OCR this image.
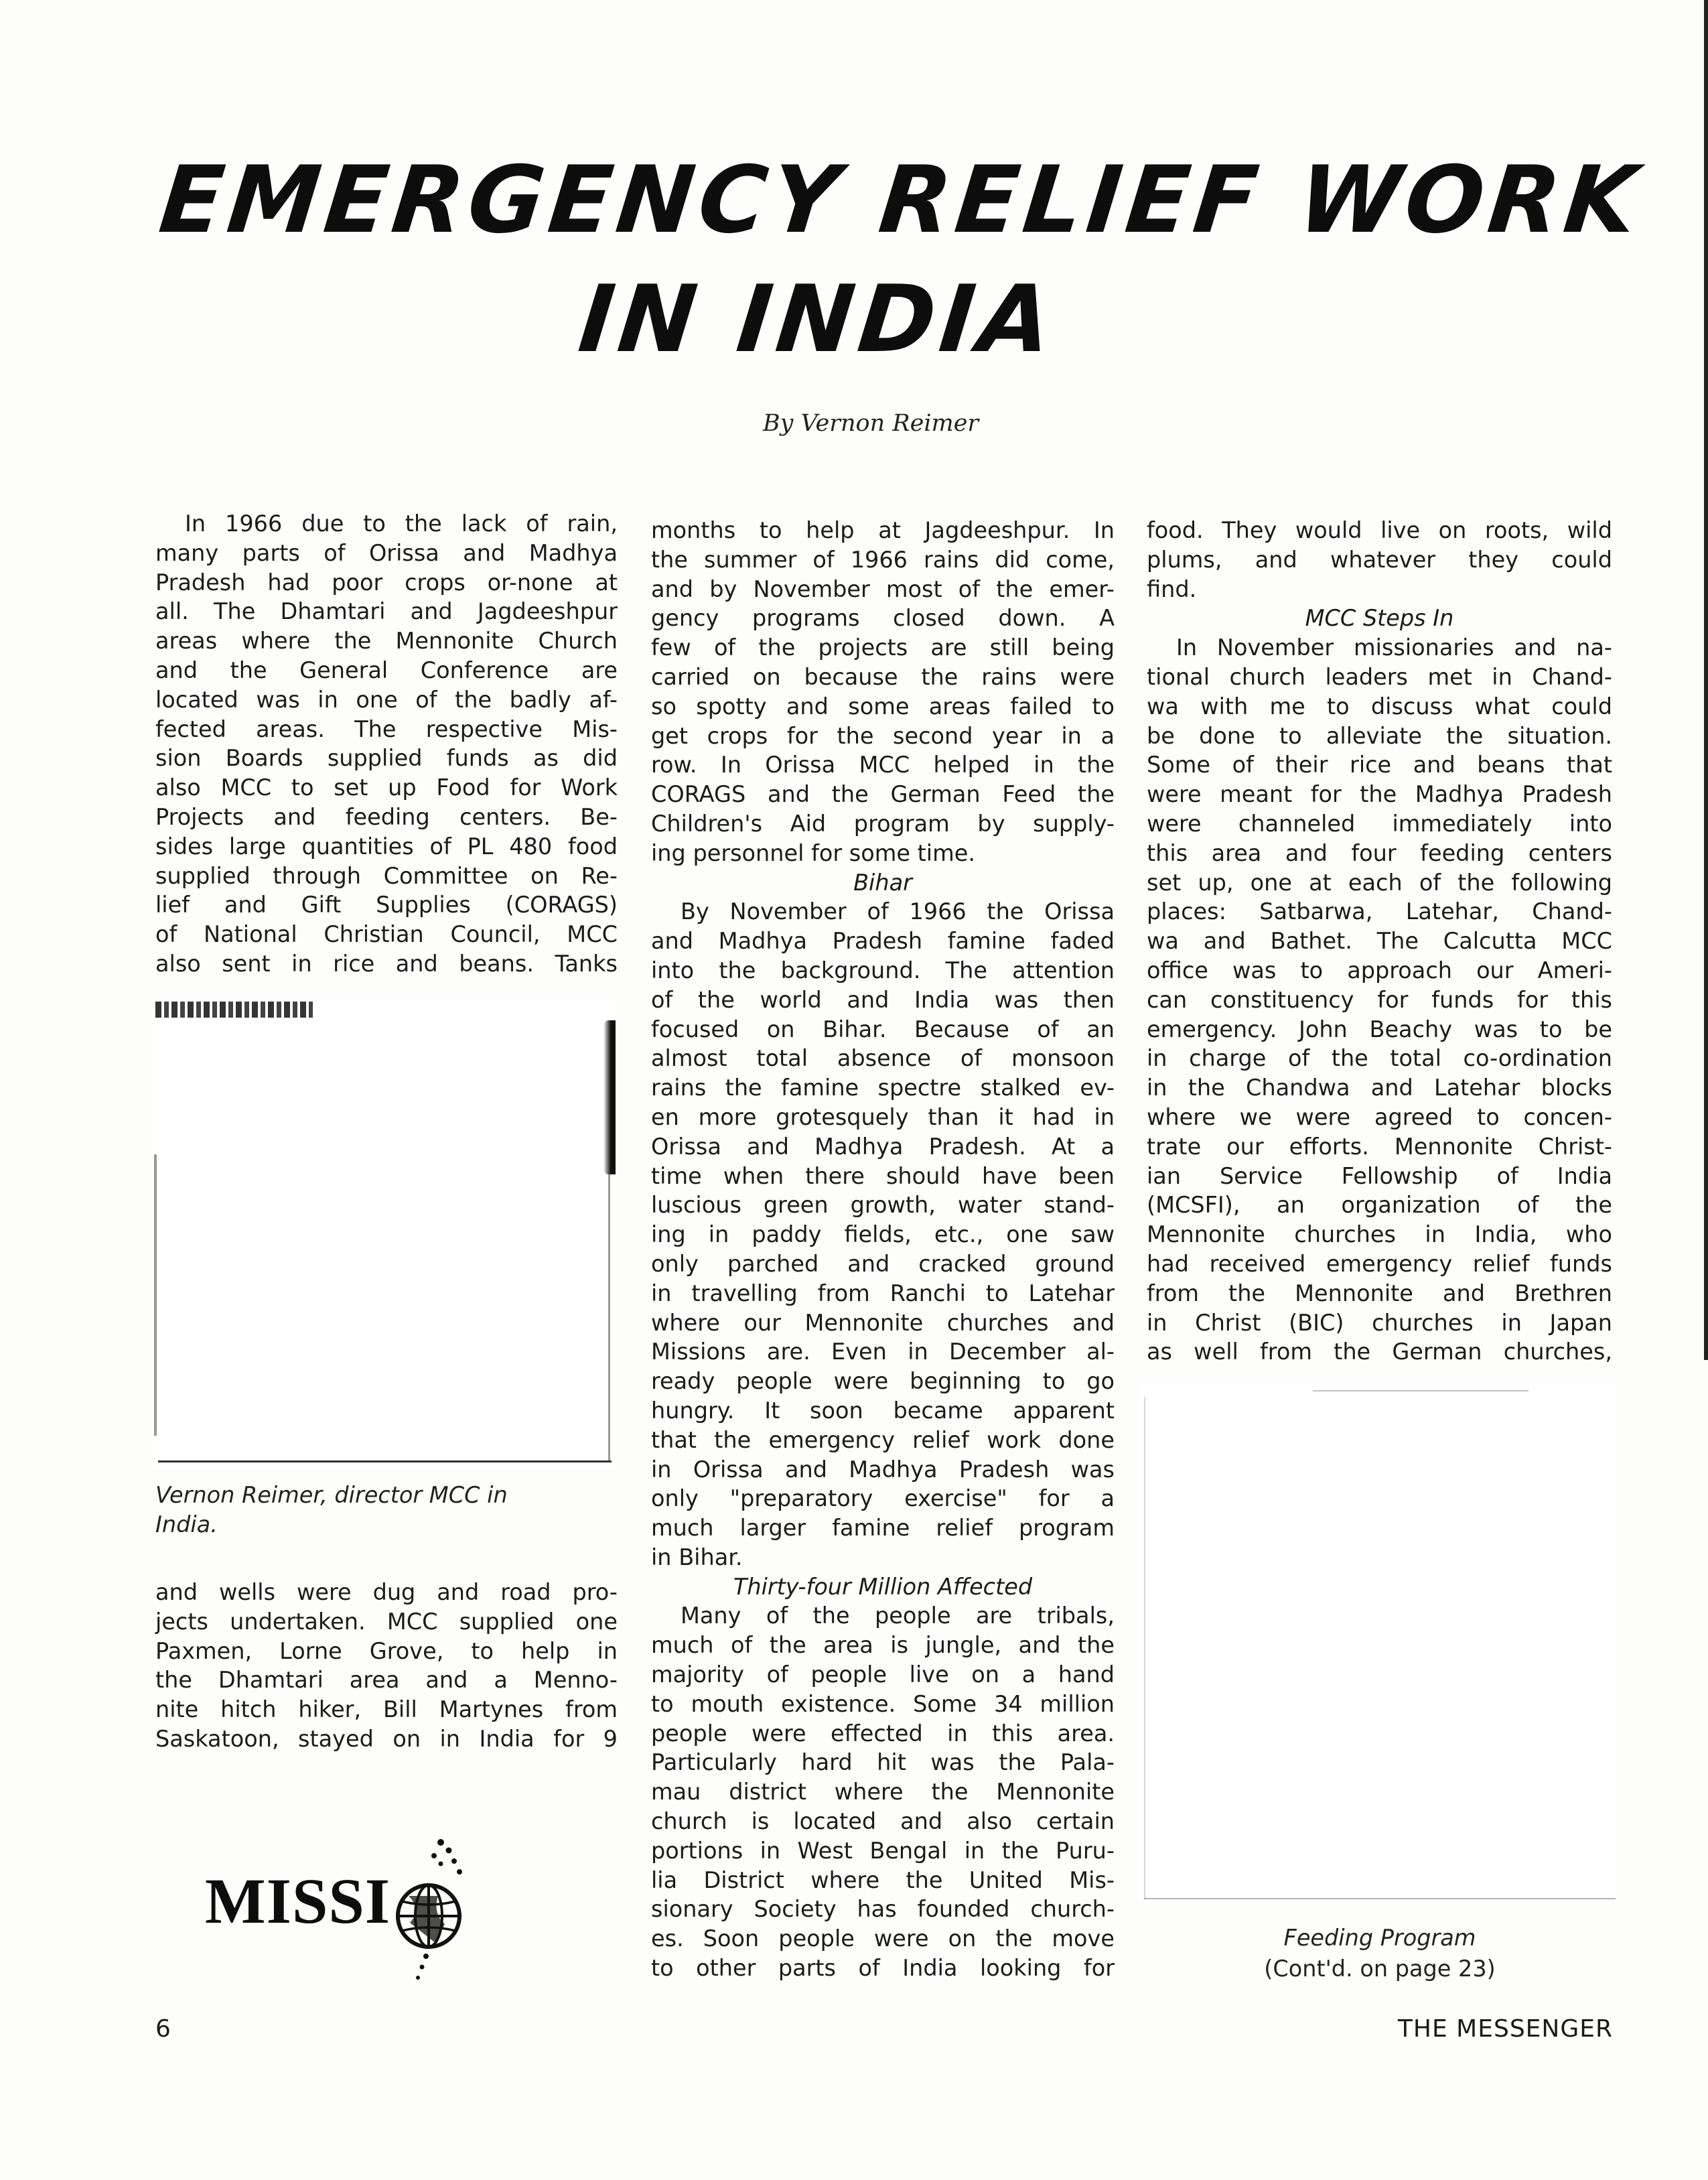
EMERGENCY RELIEF WORK
IN INDIA
By Vernon Reimer
In 1966 due to the lack of rain,
many parts of Orissa and Madhya
Pradesh had poor crops or-none at
all. The Dhamtari and Jagdeeshpur
areas where the Mennonite Church
and the General Conference are
located was in one of the badly af-
fected areas. The respective Mis-
sion Boards supplied funds as did
also MCC to set up Food for Work
Projects and feeding centers. Be-
sides large quantities of PL 480 food
supplied through Committee on Re-
lief and Gift Supplies (CORAGS)
of National Christian Council, MCC
also sent in rice and beans. Tanks
Vernon Reimer, director MCC in
India.
and wells were dug and road pro-
jects undertaken. MCC supplied one
Paxmen, Lorne Grove, to help in
the Dhamtari area and a Menno-
nite hitch hiker, Bill Martynes from
Saskatoon, stayed on in India for 9
months to help at Jagdeeshpur. In
the summer of 1966 rains did come,
and by November most of the emer-
gency programs closed down. A
few of the projects are still being
carried on because the rains were
so spotty and some areas failed to
get crops for the second year in a
row. In Orissa MCC helped in the
CORAGS and the German Feed the
Children's Aid program by supply-
ing personnel for some time.
Bihar
By November of 1966 the Orissa
and Madhya Pradesh famine faded
into the background. The attention
of the world and India was then
focused on Bihar. Because of an
almost total absence of monsoon
rains the famine spectre stalked ev-
en more grotesquely than it had in
Orissa and Madhya Pradesh. At a
time when there should have been
luscious green growth, water stand-
ing in paddy fields, etc., one saw
only parched and cracked ground
in travelling from Ranchi to Latehar
where our Mennonite churches and
Missions are. Even in December al-
ready people were beginning to go
hungry. It soon became apparent
that the emergency relief work done
in Orissa and Madhya Pradesh was
only "preparatory exercise" for a
much larger famine relief program
in Bihar.
Thirty-four Million Affected
Many of the people are tribals,
much of the area is jungle, and the
majority of people live on a hand
to mouth existence. Some 34 million
people were effected in this area.
Particularly hard hit was the Pala-
mau district where the Mennonite
church is located and also certain
portions in West Bengal in the Puru-
lia District where the United Mis-
sionary Society has founded church-
es. Soon people were on the move
to other parts of India looking for
food. They would live on roots, wild
plums, and whatever they could
find.
MCC Steps In
In November missionaries and na-
tional church leaders met in Chand-
wa with me to discuss what could
be done to alleviate the situation.
Some of their rice and beans that
were meant for the Madhya Pradesh
were channeled immediately into
this area and four feeding centers
set up, one at each of the following
places: Satbarwa, Latehar, Chand-
wa and Bathet. The Calcutta MCC
office was to approach our Ameri-
can constituency for funds for this
emergency. John Beachy was to be
in charge of the total co-ordination
in the Chandwa and Latehar blocks
where we were agreed to concen-
trate our efforts. Mennonite Christ-
ian Service Fellowship of India
(MCSFI), an organization of the
Mennonite churches in India, who
had received emergency relief funds
from the Mennonite and Brethren
in Christ (BIC) churches in Japan
as well from the German churches,
Feeding Program
(Cont'd. on page 23)
MISSI
6	THE MESSENGER
